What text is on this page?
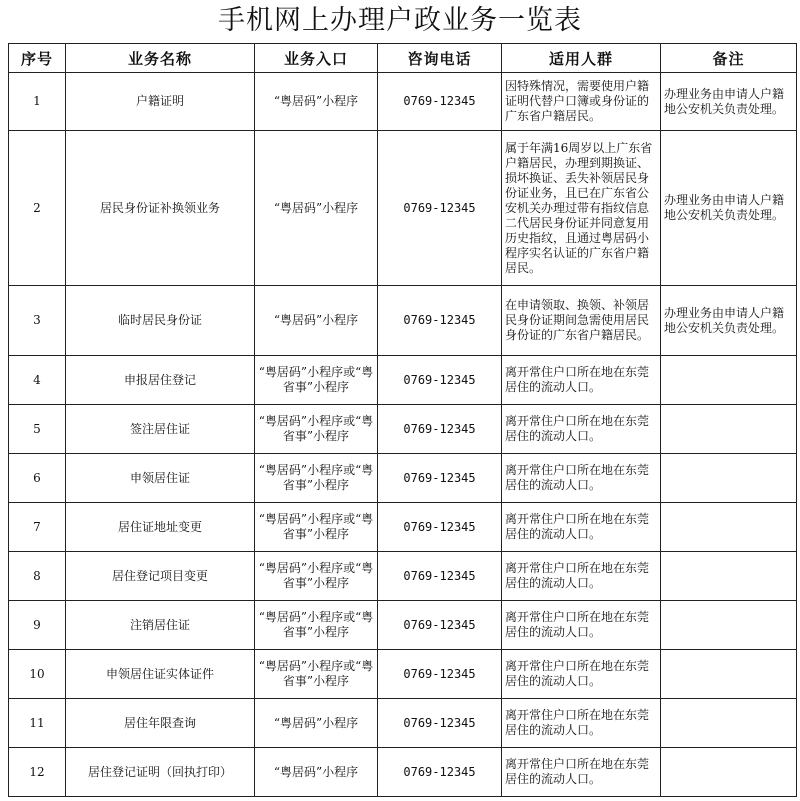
手机网上办理户政业务一览表
序号	业务名称	业务入口	咨询电话	适用人群	备注
1	户籍证明	“粤居码”小程序	0769-12345	因特殊情况，需要使用户籍证明代替户口簿或身份证的广东省户籍居民。	办理业务由申请人户籍地公安机关负责处理。
2	居民身份证补换领业务	“粤居码”小程序	0769-12345	属于年满16周岁以上广东省户籍居民，办理到期换证、损坏换证、丢失补领居民身份证业务，且已在广东省公安机关办理过带有指纹信息二代居民身份证并同意复用历史指纹，且通过粤居码小程序实名认证的广东省户籍居民。	办理业务由申请人户籍地公安机关负责处理。
3	临时居民身份证	“粤居码”小程序	0769-12345	在申请领取、换领、补领居民身份证期间急需使用居民身份证的广东省户籍居民。	办理业务由申请人户籍地公安机关负责处理。
4	申报居住登记	“粤居码”小程序或“粤省事”小程序	0769-12345	离开常住户口所在地在东莞居住的流动人口。	
5	签注居住证	“粤居码”小程序或“粤省事”小程序	0769-12345	离开常住户口所在地在东莞居住的流动人口。	
6	申领居住证	“粤居码”小程序或“粤省事”小程序	0769-12345	离开常住户口所在地在东莞居住的流动人口。	
7	居住证地址变更	“粤居码”小程序或“粤省事”小程序	0769-12345	离开常住户口所在地在东莞居住的流动人口。	
8	居住登记项目变更	“粤居码”小程序或“粤省事”小程序	0769-12345	离开常住户口所在地在东莞居住的流动人口。	
9	注销居住证	“粤居码”小程序或“粤省事”小程序	0769-12345	离开常住户口所在地在东莞居住的流动人口。	
10	申领居住证实体证件	“粤居码”小程序或“粤省事”小程序	0769-12345	离开常住户口所在地在东莞居住的流动人口。	
11	居住年限查询	“粤居码”小程序	0769-12345	离开常住户口所在地在东莞居住的流动人口。	
12	居住登记证明（回执打印）	“粤居码”小程序	0769-12345	离开常住户口所在地在东莞居住的流动人口。	
